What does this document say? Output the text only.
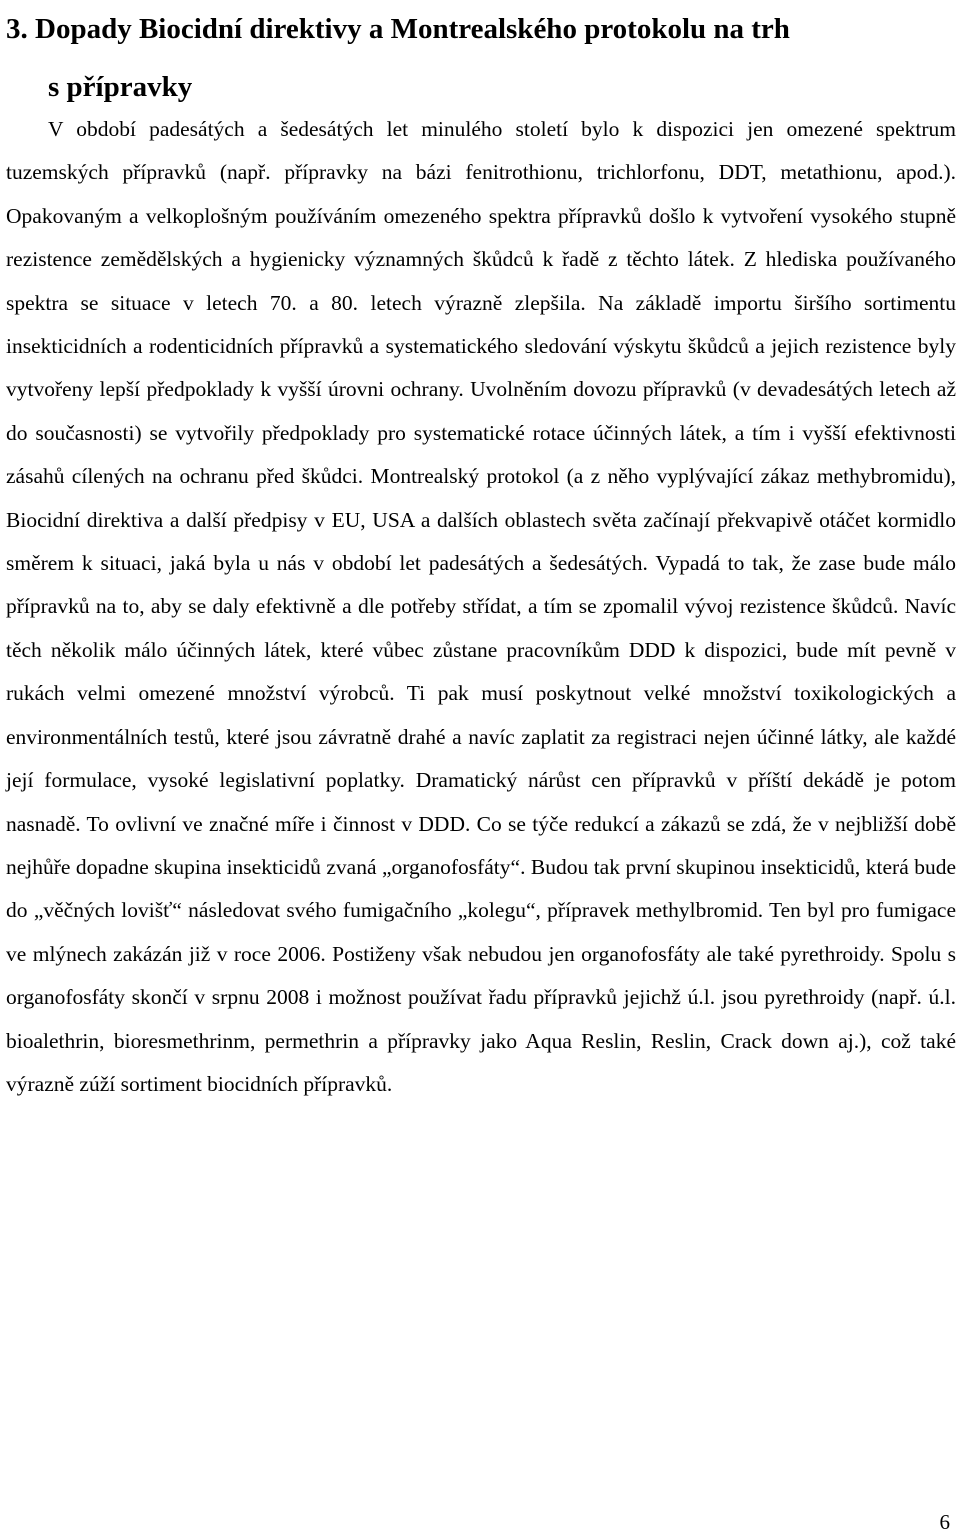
3. Dopady Biocidní direktivy a Montrealského protokolu na trh
s přípravky

V období padesátých a šedesátých let minulého století bylo k dispozici jen omezené spektrum tuzemských přípravků (např. přípravky na bázi fenitrothionu, trichlorfonu, DDT, metathionu, apod.). Opakovaným a velkoplošným používáním omezeného spektra přípravků došlo k vytvoření vysokého stupně rezistence zemědělských a hygienicky významných škůdců k řadě z těchto látek. Z hlediska používaného spektra se situace v letech 70. a 80. letech výrazně zlepšila. Na základě importu širšího sortimentu insekticidních a rodenticidních přípravků a systematického sledování výskytu škůdců a jejich rezistence byly vytvořeny lepší předpoklady k vyšší úrovni ochrany. Uvolněním dovozu přípravků (v devadesátých letech až do současnosti) se vytvořily předpoklady pro systematické rotace účinných látek, a tím i vyšší efektivnosti zásahů cílených na ochranu před škůdci. Montrealský protokol (a z něho vyplývající zákaz methybromidu), Biocidní direktiva a další předpisy v EU, USA a dalších oblastech světa začínají překvapivě otáčet kormidlo směrem k situaci, jaká byla u nás v období let padesátých a šedesátých. Vypadá to tak, že zase bude málo přípravků na to, aby se daly efektivně a dle potřeby střídat, a tím se zpomalil vývoj rezistence škůdců. Navíc těch několik málo účinných látek, které vůbec zůstane pracovníkům DDD k dispozici, bude mít pevně v rukách velmi omezené množství výrobců. Ti pak musí poskytnout velké množství toxikologických a environmentálních testů, které jsou závratně drahé a navíc zaplatit za registraci nejen účinné látky, ale každé její formulace, vysoké legislativní poplatky. Dramatický nárůst cen přípravků v příští dekádě je potom nasnadě. To ovlivní ve značné míře i činnost v DDD. Co se týče redukcí a zákazů se zdá, že v nejbližší době nejhůře dopadne skupina insekticidů zvaná „organofosfáty“. Budou tak první skupinou insekticidů, která bude do „věčných lovišť“ následovat svého fumigačního „kolegu“, přípravek methylbromid. Ten byl pro fumigace ve mlýnech zakázán již v roce 2006. Postiženy však nebudou jen organofosfáty ale také pyrethroidy. Spolu s organofosfáty skončí v srpnu 2008 i možnost používat řadu přípravků jejichž ú.l. jsou pyrethroidy (např. ú.l. bioalethrin, bioresmethrinm, permethrin a přípravky jako Aqua Reslin, Reslin, Crack down aj.), což také výrazně zúží sortiment biocidních přípravků.

6
